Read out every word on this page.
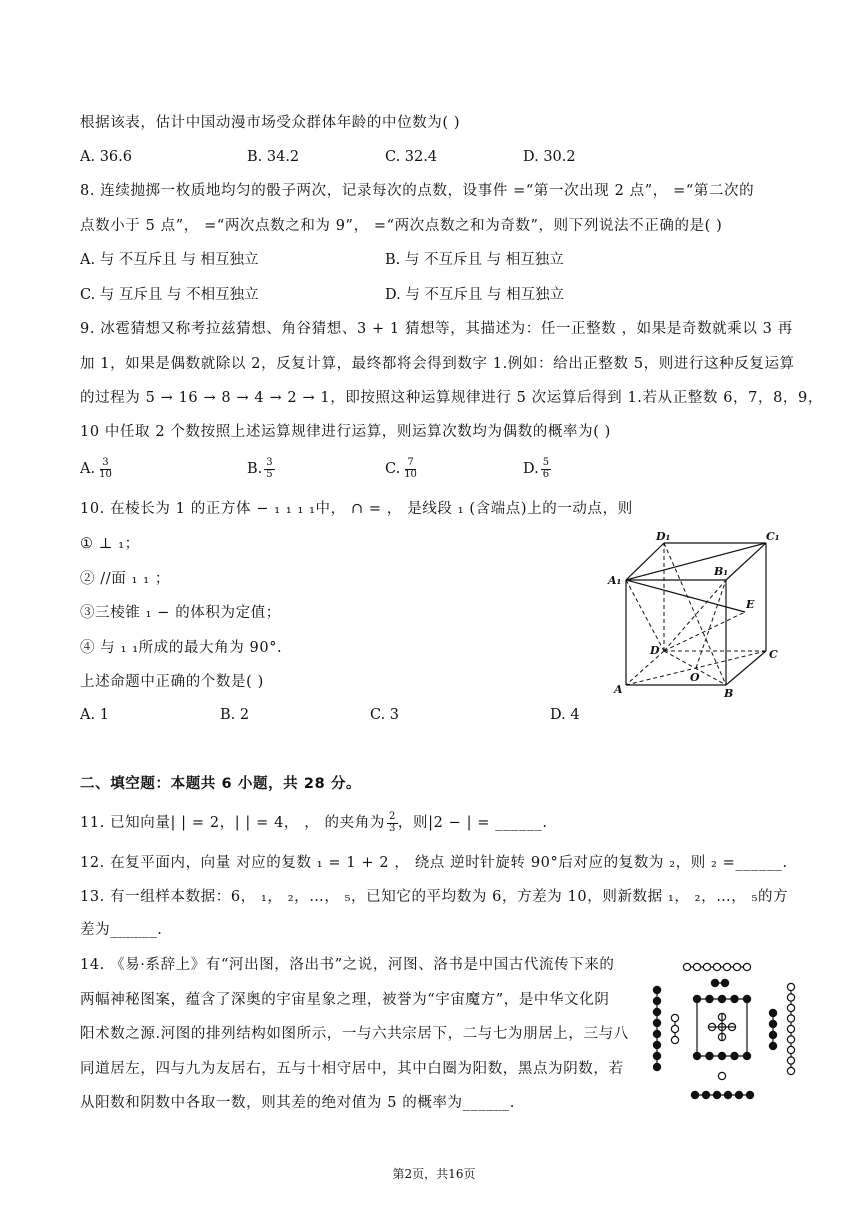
根据该表，估计中国动漫市场受众群体年龄的中位数为( )
A. 36.6	B. 34.2	C. 32.4	D. 30.2
8. 连续抛掷一枚质地均匀的骰子两次，记录每次的点数，设事件 =“第一次出现 2 点”， =“第二次的
点数小于 5 点”， =“两次点数之和为 9”， =“两次点数之和为奇数”，则下列说法不正确的是( )
A. 与 不互斥且 与 相互独立	B. 与 不互斥且 与 相互独立
C. 与 互斥且 与 不相互独立	D. 与 不互斥且 与 相互独立
9. 冰雹猜想又称考拉兹猜想、角谷猜想、3 + 1 猜想等，其描述为：任一正整数 ，如果是奇数就乘以 3 再
加 1，如果是偶数就除以 2，反复计算，最终都将会得到数字 1.例如：给出正整数 5，则进行这种反复运算
的过程为 5 → 16 → 8 → 4 → 2 → 1，即按照这种运算规律进行 5 次运算后得到 1.若从正整数 6，7，8，9，
10 中任取 2 个数按照上述运算规律进行运算，则运算次数均为偶数的概率为( )
A. $\frac{3}{10}$	B. $\frac{3}{5}$	C. $\frac{7}{10}$	D. $\frac{5}{6}$
10. 在棱长为 1 的正方体 − ₁ ₁ ₁ ₁中， ∩ = ， 是线段 ₁ (含端点)上的一动点，则
① ⊥ ₁；
② //面 ₁ ₁ ；
③三棱锥 ₁ − 的体积为定值；
④ 与 ₁ ₁所成的最大角为 90°.
上述命题中正确的个数是( )
A. 1	B. 2	C. 3	D. 4
D₁	C₁
A₁
B₁
E
D	C
O
A	B
二、填空题：本题共 6 小题，共 28 分。
11. 已知向量| | = 2，| | = 4， ， 的夹角为 $\frac{2}{3}$ ，则|2 − | = ______.
12. 在复平面内，向量 对应的复数 ₁ = 1 + 2 ， 绕点 逆时针旋转 90°后对应的复数为 ₂，则 ₂ =______.
13. 有一组样本数据：6， ₁， ₂，…， ₅，已知它的平均数为 6，方差为 10，则新数据 ₁， ₂，…， ₅的方
差为______.
14. 《易·系辞上》有“河出图，洛出书”之说，河图、洛书是中国古代流传下来的
两幅神秘图案，蕴含了深奥的宇宙星象之理，被誉为“宇宙魔方”，是中华文化阴
阳术数之源.河图的排列结构如图所示，一与六共宗居下，二与七为朋居上，三与八
同道居左，四与九为友居右，五与十相守居中，其中白圈为阳数，黑点为阴数，若
从阳数和阴数中各取一数，则其差的绝对值为 5 的概率为______.
第2页，共16页
